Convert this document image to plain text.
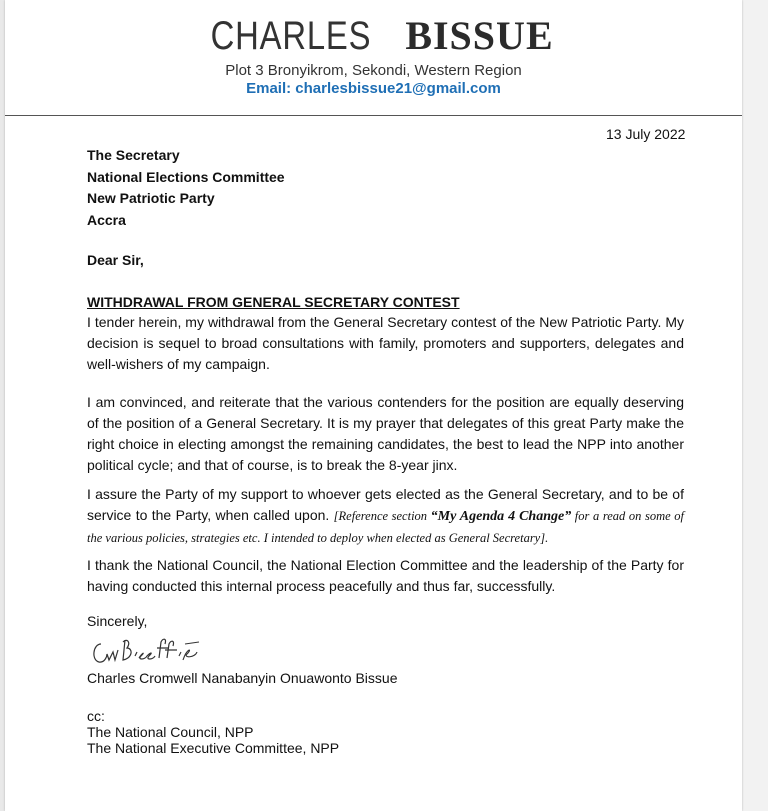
CHARLES BISSUE
Plot 3 Bronyikrom, Sekondi, Western Region
Email: charlesbissue21@gmail.com
13 July 2022
The Secretary
National Elections Committee
New Patriotic Party
Accra
Dear Sir,
WITHDRAWAL FROM GENERAL SECRETARY CONTEST
I tender herein, my withdrawal from the General Secretary contest of the New Patriotic Party. My decision is sequel to broad consultations with family, promoters and supporters, delegates and well-wishers of my campaign.
I am convinced, and reiterate that the various contenders for the position are equally deserving of the position of a General Secretary. It is my prayer that delegates of this great Party make the right choice in electing amongst the remaining candidates, the best to lead the NPP into another political cycle; and that of course, is to break the 8-year jinx.
I assure the Party of my support to whoever gets elected as the General Secretary, and to be of service to the Party, when called upon. [Reference section “My Agenda 4 Change” for a read on some of the various policies, strategies etc. I intended to deploy when elected as General Secretary].
I thank the National Council, the National Election Committee and the leadership of the Party for having conducted this internal process peacefully and thus far, successfully.
Sincerely,
Charles Cromwell Nanabanyin Onuawonto Bissue
cc:
The National Council, NPP
The National Executive Committee, NPP
